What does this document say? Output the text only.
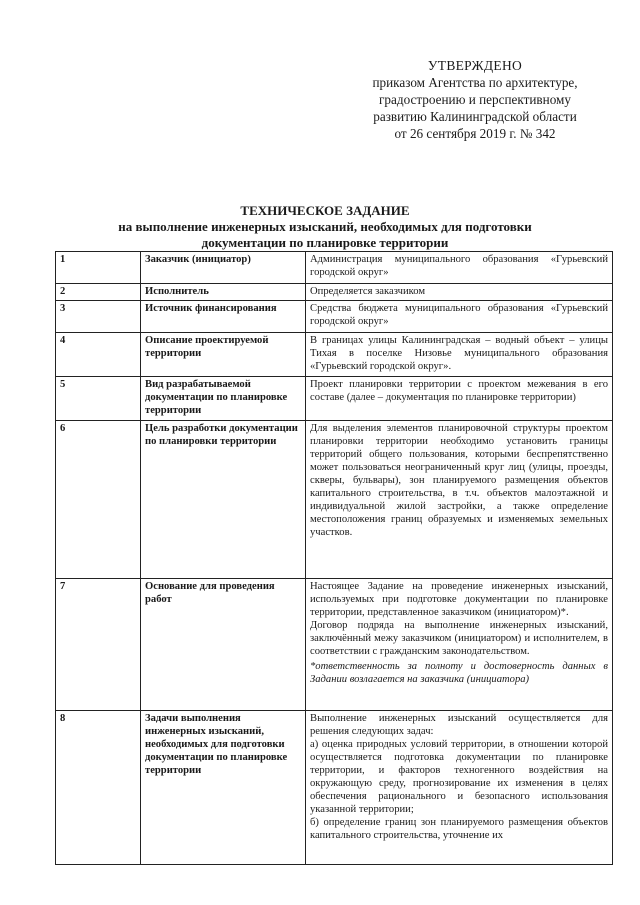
УТВЕРЖДЕНО
приказом Агентства по архитектуре,
градостроению и перспективному
развитию Калининградской области
от 26 сентября 2019 г. № 342
ТЕХНИЧЕСКОЕ ЗАДАНИЕ
на выполнение инженерных изысканий, необходимых для подготовки
документации по планировке территории
1	Заказчик (инициатор)	Администрация муниципального образования «Гурьевский городской округ»
2	Исполнитель	Определяется заказчиком
3	Источник финансирования	Средства бюджета муниципального образования «Гурьевский городской округ»
4	Описание проектируемой территории	В границах улицы Калининградская – водный объект – улицы Тихая в поселке Низовье муниципального образования «Гурьевский городской округ».
5	Вид разрабатываемой документации по планировке территории	Проект планировки территории с проектом межевания в его составе (далее – документация по планировке территории)
6	Цель разработки документации по планировки территории	Для выделения элементов планировочной структуры проектом планировки территории необходимо установить границы территорий общего пользования, которыми беспрепятственно может пользоваться неограниченный круг лиц (улицы, проезды, скверы, бульвары), зон планируемого размещения объектов капитального строительства, в т.ч. объектов малоэтажной и индивидуальной жилой застройки, а также определение местоположения границ образуемых и изменяемых земельных участков.
7	Основание для проведения работ	Настоящее Задание на проведение инженерных изысканий, используемых при подготовке документации по планировке территории, представленное заказчиком (инициатором)*.

Договор подряда на выполнение инженерных изысканий, заключённый межу заказчиком (инициатором) и исполнителем, в соответствии с гражданским законодательством.

*ответственность за полноту и достоверность данных в Задании возлагается на заказчика (инициатора)

8	Задачи выполнения инженерных изысканий, необходимых для подготовки документации по планировке территории	Выполнение инженерных изысканий осуществляется для решения следующих задач:

а) оценка природных условий территории, в отношении которой осуществляется подготовка документации по планировке территории, и факторов техногенного воздействия на окружающую среду, прогнозирование их изменения в целях обеспечения рационального и безопасного использования указанной территории;

б) определение границ зон планируемого размещения объектов капитального строительства, уточнение их
